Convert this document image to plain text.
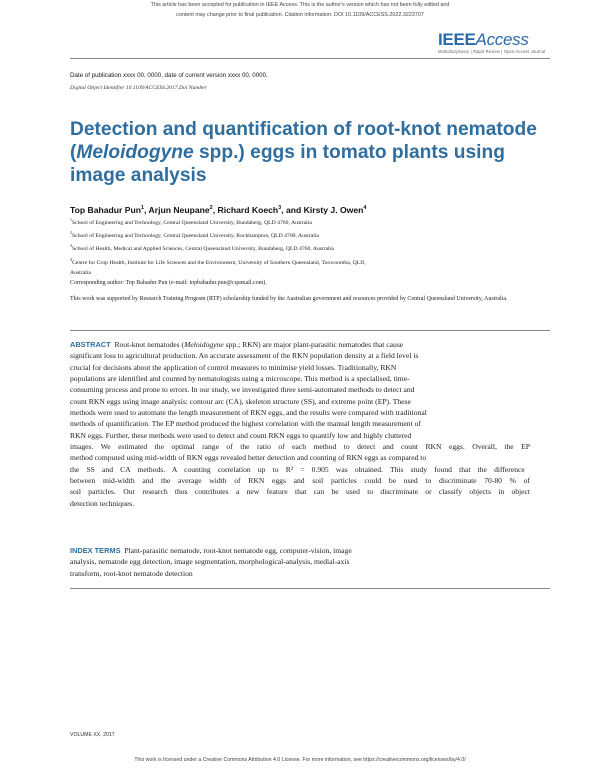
This article has been accepted for publication in IEEE Access. This is the author's version which has not been fully edited and
content may change prior to final publication. Citation information: DOI 10.1109/ACCESS.2022.3223707
IEEEAccess
Multidisciplinary | Rapid Review | Open Access Journal
Date of publication xxxx 00, 0000, date of current version xxxx 00, 0000.
Digital Object Identifier 10.1109/ACCESS.2017.Doi Number
Detection and quantification of root-knot nematode (Meloidogyne spp.) eggs in tomato plants using image analysis
Top Bahadur Pun$^1$, Arjun Neupane$^2$, Richard Koech$^3$, and Kirsty J. Owen$^4$
$^1$School of Engineering and Technology, Central Queensland University, Bundaberg, QLD 4760, Australia
$^2$School of Engineering and Technology, Central Queensland University, Rockhampton, QLD 4700, Australia
$^3$School of Health, Medical and Applied Sciences, Central Queensland University, Bundaberg, QLD 4760, Australia
$^4$Centre for Crop Health, Institute for Life Sciences and the Environment, University of Southern Queensland, Toowoomba, QLD,
Australia
Corresponding author: Top Bahadur Pun (e-mail: topbahadur.pun@cqumail.com).
This work was supported by Research Training Program (RTP) scholarship funded by the Australian government and resources provided by Central Queensland University, Australia.
ABSTRACT Root-knot nematodes (Meloidogyne spp.; RKN) are major plant-parasitic nematodes that cause
significant loss to agricultural production. An accurate assessment of the RKN population density at a field level is
crucial for decisions about the application of control measures to minimise yield losses. Traditionally, RKN
populations are identified and counted by nematologists using a microscope. This method is a specialised, time-
consuming process and prone to errors. In our study, we investigated three semi-automated methods to detect and
count RKN eggs using image analysis: contour arc (CA), skeleton structure (SS), and extreme point (EP). These
methods were used to automate the length measurement of RKN eggs, and the results were compared with traditional
methods of quantification. The EP method produced the highest correlation with the manual length measurement of
RKN eggs. Further, these methods were used to detect and count RKN eggs to quantify low and highly cluttered
images. We estimated the optimal range of the ratio of each method to detect and count RKN eggs. Overall, the EP
method computed using mid-width of RKN eggs revealed better detection and counting of RKN eggs as compared to
the SS and CA methods. A counting correlation up to R² = 0.905 was obtained. This study found that the difference
between mid-width and the average width of RKN eggs and soil particles could be used to discriminate 70-80 % of
soil particles. Our research thus contributes a new feature that can be used to discriminate or classify objects in object
detection techniques.
INDEX TERMS Plant-parasitic nematode, root-knot nematode egg, computer-vision, image
analysis, nematode egg detection, image segmentation, morphological-analysis, medial-axis
transform, root-knot nematode detection
VOLUME XX, 2017
This work is licensed under a Creative Commons Attribution 4.0 License. For more information, see https://creativecommons.org/licenses/by/4.0/
